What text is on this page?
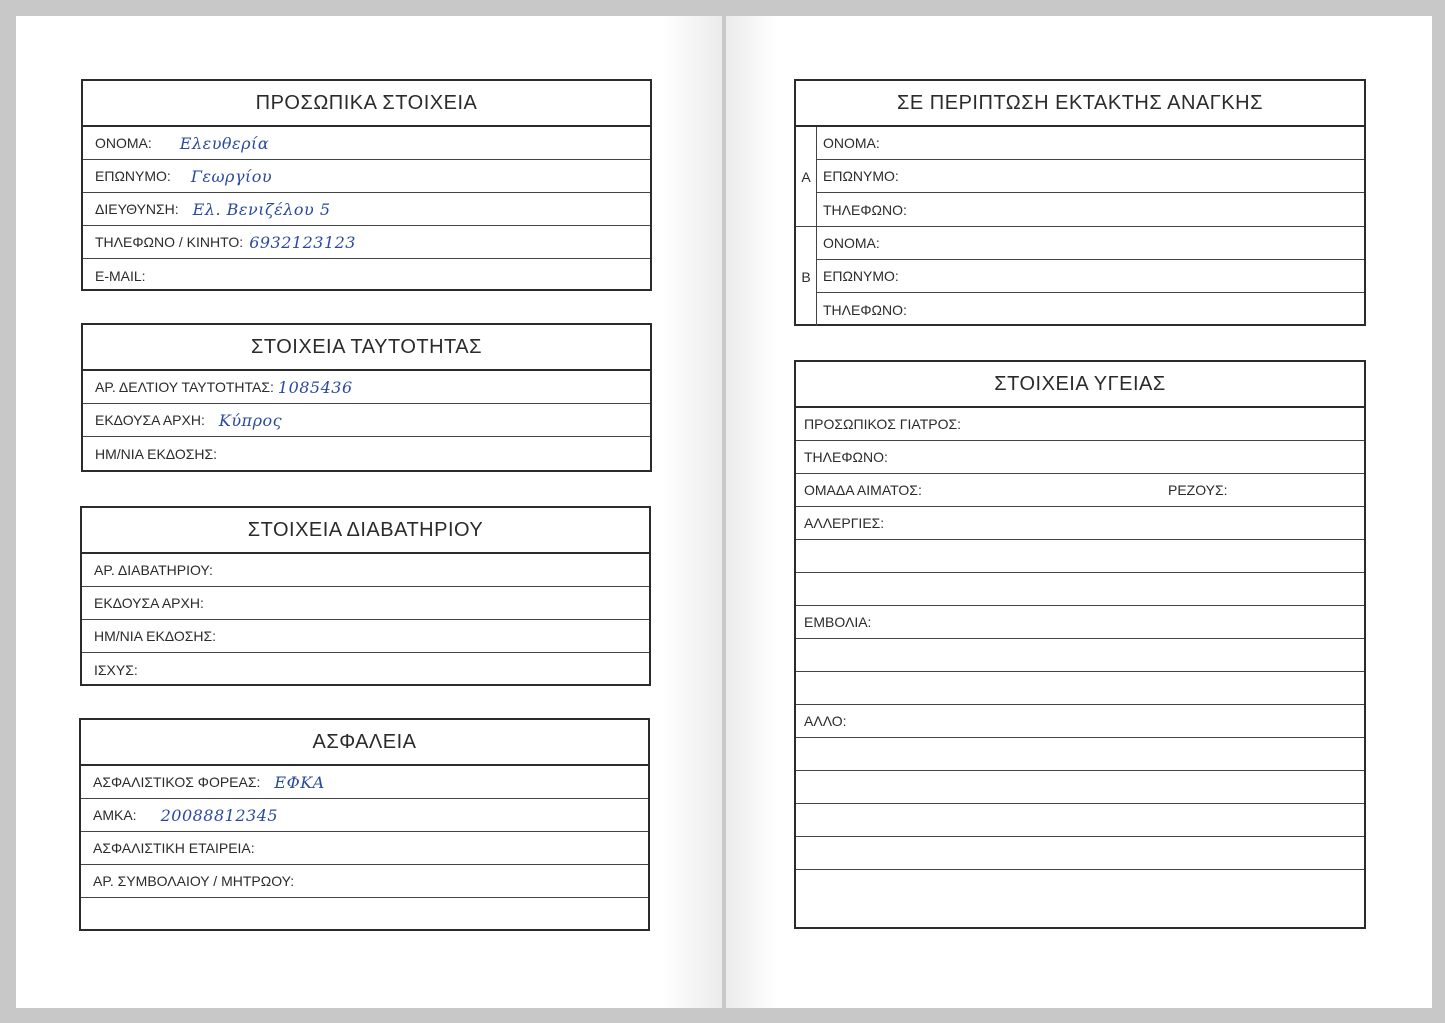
ΠΡΟΣΩΠΙΚΑ ΣΤΟΙΧΕΙΑ
ΟΝΟΜΑ: Ελευθερία
ΕΠΩΝΥΜΟ: Γεωργίου
ΔΙΕΥΘΥΝΣΗ: Ελ. Βενιζέλου 5
ΤΗΛΕΦΩΝΟ / ΚΙΝΗΤΟ: 6932123123
E-MAIL:
ΣΤΟΙΧΕΙΑ ΤΑΥΤΟΤΗΤΑΣ
ΑΡ. ΔΕΛΤΙΟΥ ΤΑΥΤΟΤΗΤΑΣ: 1085436
ΕΚΔΟΥΣΑ ΑΡΧΗ: Κύπρος
ΗΜ/ΝΙΑ ΕΚΔΟΣΗΣ:
ΣΤΟΙΧΕΙΑ ΔΙΑΒΑΤΗΡΙΟΥ
ΑΡ. ΔΙΑΒΑΤΗΡΙΟΥ:
ΕΚΔΟΥΣΑ ΑΡΧΗ:
ΗΜ/ΝΙΑ ΕΚΔΟΣΗΣ:
ΙΣΧΥΣ:
ΑΣΦΑΛΕΙΑ
ΑΣΦΑΛΙΣΤΙΚΟΣ ΦΟΡΕΑΣ: ΕΦΚΑ
ΑΜΚΑ: 20088812345
ΑΣΦΑΛΙΣΤΙΚΗ ΕΤΑΙΡΕΙΑ:
ΑΡ. ΣΥΜΒΟΛΑΙΟΥ / ΜΗΤΡΩΟΥ:
ΣΕ ΠΕΡΙΠΤΩΣΗ ΕΚΤΑΚΤΗΣ ΑΝΑΓΚΗΣ
Α
ΟΝΟΜΑ:
ΕΠΩΝΥΜΟ:
ΤΗΛΕΦΩΝΟ:
Β
ΟΝΟΜΑ:
ΕΠΩΝΥΜΟ:
ΤΗΛΕΦΩΝΟ:
ΣΤΟΙΧΕΙΑ ΥΓΕΙΑΣ
ΠΡΟΣΩΠΙΚΟΣ ΓΙΑΤΡΟΣ:
ΤΗΛΕΦΩΝΟ:
ΟΜΑΔΑ ΑΙΜΑΤΟΣ:	ΡΕΖΟΥΣ:
ΑΛΛΕΡΓΙΕΣ:
ΕΜΒΟΛΙΑ:
ΑΛΛΟ:
